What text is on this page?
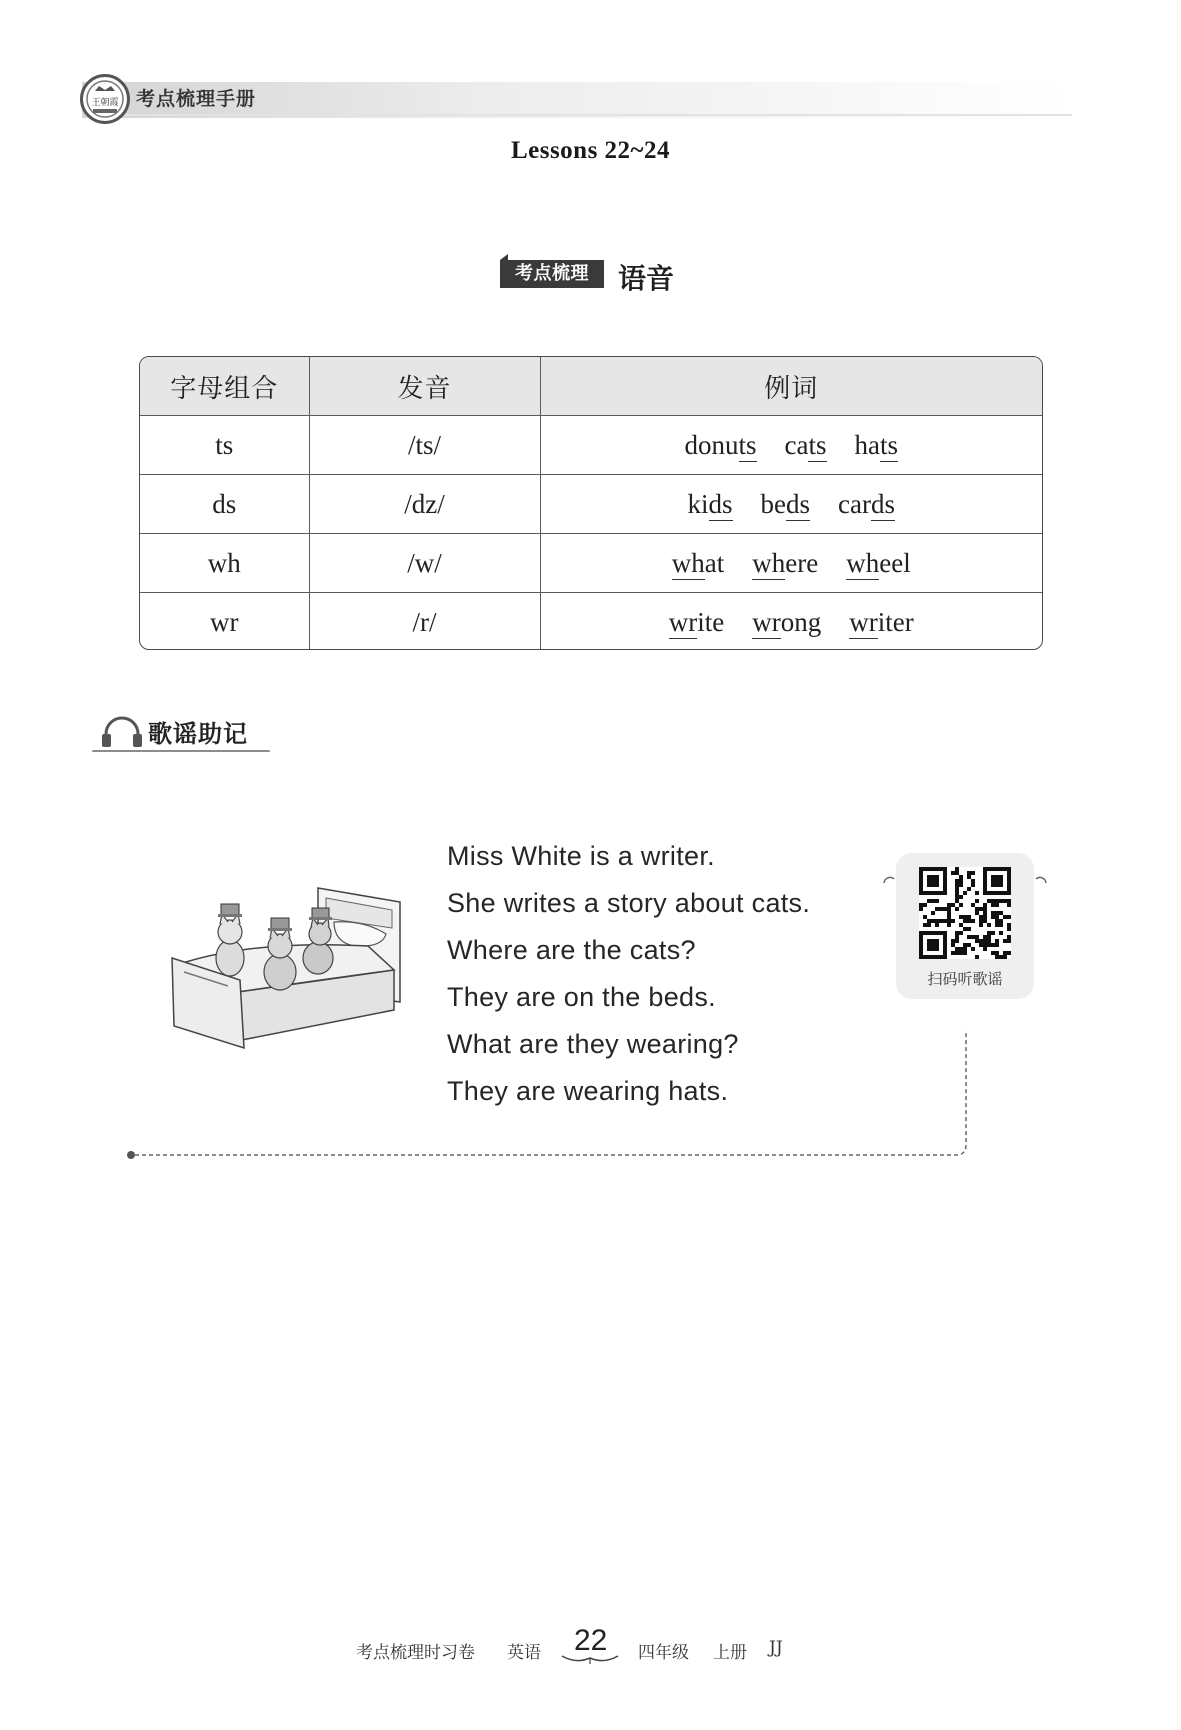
王朝霞 考点梳理手册
Lessons 22~24
考点梳理	语音
字母组合	发音	例词
ts	/ts/	donuts cats hats
ds	/dz/	kids beds cards
wh	/w/	what where wheel
wr	/r/	write wrong writer
歌谣助记
Miss White is a writer.
She writes a story about cats.
Where are the cats?
They are on the beds.
What are they wearing?
They are wearing hats.
扫码听歌谣
考点梳理时习卷 英语 22 四年级 上册 JJ
